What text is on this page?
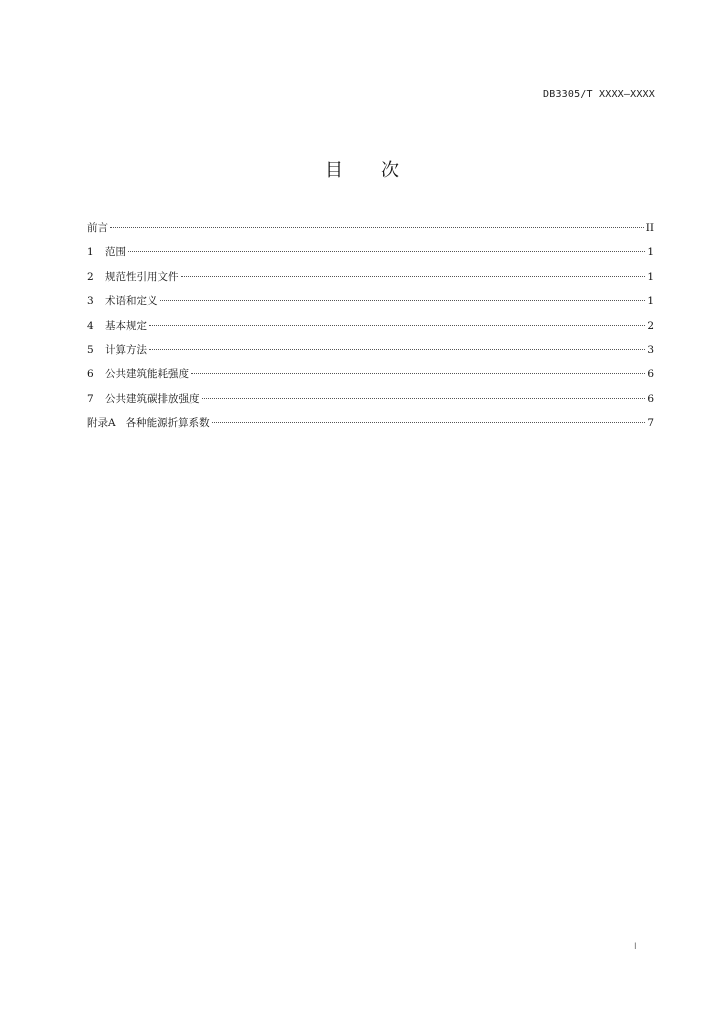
DB3305/T XXXX—XXXX
目 次
前言	II
1	范围	1
2	规范性引用文件	1
3	术语和定义	1
4	基本规定	2
5	计算方法	3
6	公共建筑能耗强度	6
7	公共建筑碳排放强度	6
附录A 各种能源折算系数	7
I
